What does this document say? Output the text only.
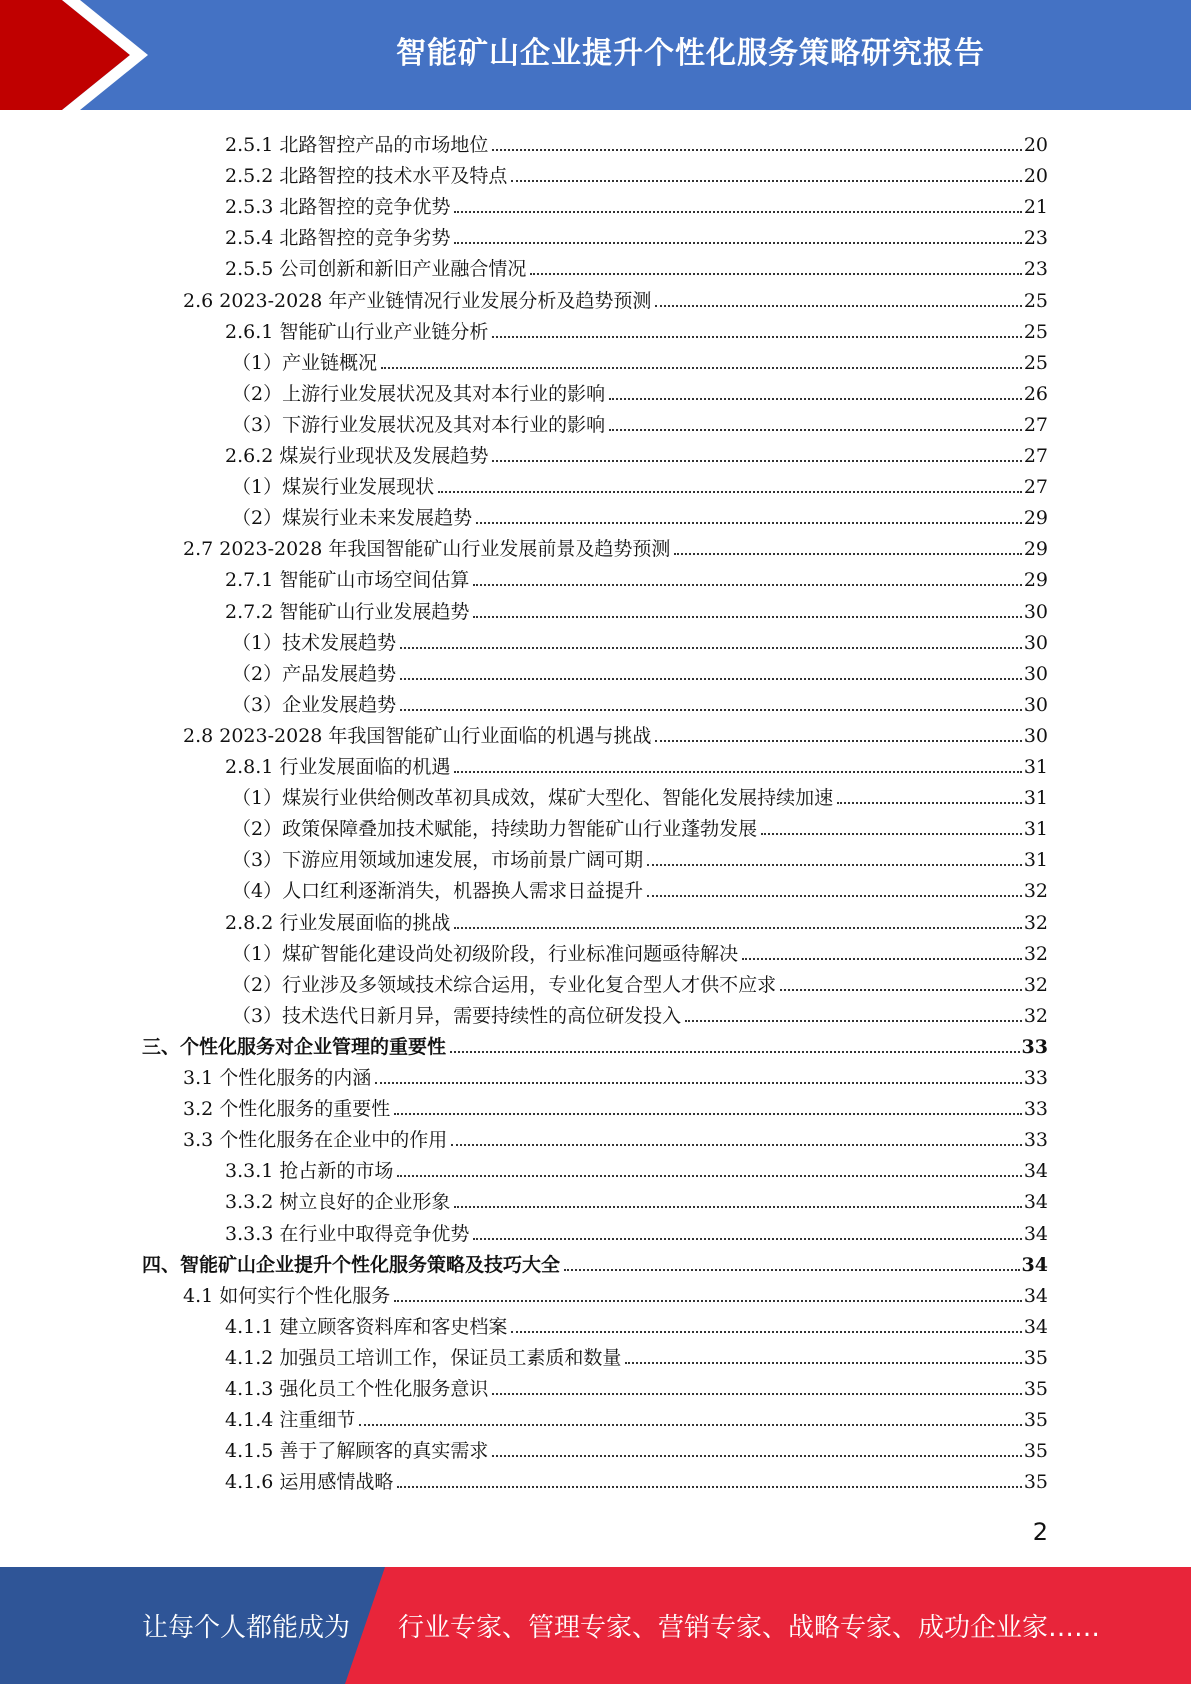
智能矿山企业提升个性化服务策略研究报告
2.5.1 北路智控产品的市场地位	20
2.5.2 北路智控的技术水平及特点	20
2.5.3 北路智控的竞争优势	21
2.5.4 北路智控的竞争劣势	23
2.5.5 公司创新和新旧产业融合情况	23
2.6 2023-2028 年产业链情况行业发展分析及趋势预测	25
2.6.1 智能矿山行业产业链分析	25
（1）产业链概况	25
（2）上游行业发展状况及其对本行业的影响	26
（3）下游行业发展状况及其对本行业的影响	27
2.6.2 煤炭行业现状及发展趋势	27
（1）煤炭行业发展现状	27
（2）煤炭行业未来发展趋势	29
2.7 2023-2028 年我国智能矿山行业发展前景及趋势预测	29
2.7.1 智能矿山市场空间估算	29
2.7.2 智能矿山行业发展趋势	30
（1）技术发展趋势	30
（2）产品发展趋势	30
（3）企业发展趋势	30
2.8 2023-2028 年我国智能矿山行业面临的机遇与挑战	30
2.8.1 行业发展面临的机遇	31
（1）煤炭行业供给侧改革初具成效，煤矿大型化、智能化发展持续加速	31
（2）政策保障叠加技术赋能，持续助力智能矿山行业蓬勃发展	31
（3）下游应用领域加速发展，市场前景广阔可期	31
（4）人口红利逐渐消失，机器换人需求日益提升	32
2.8.2 行业发展面临的挑战	32
（1）煤矿智能化建设尚处初级阶段，行业标准问题亟待解决	32
（2）行业涉及多领域技术综合运用，专业化复合型人才供不应求	32
（3）技术迭代日新月异，需要持续性的高位研发投入	32
三、个性化服务对企业管理的重要性	33
3.1 个性化服务的内涵	33
3.2 个性化服务的重要性	33
3.3 个性化服务在企业中的作用	33
3.3.1 抢占新的市场	34
3.3.2 树立良好的企业形象	34
3.3.3 在行业中取得竞争优势	34
四、智能矿山企业提升个性化服务策略及技巧大全	34
4.1 如何实行个性化服务	34
4.1.1 建立顾客资料库和客史档案	34
4.1.2 加强员工培训工作，保证员工素质和数量	35
4.1.3 强化员工个性化服务意识	35
4.1.4 注重细节	35
4.1.5 善于了解顾客的真实需求	35
4.1.6 运用感情战略	35
2
让每个人都能成为 行业专家、管理专家、营销专家、战略专家、成功企业家……
